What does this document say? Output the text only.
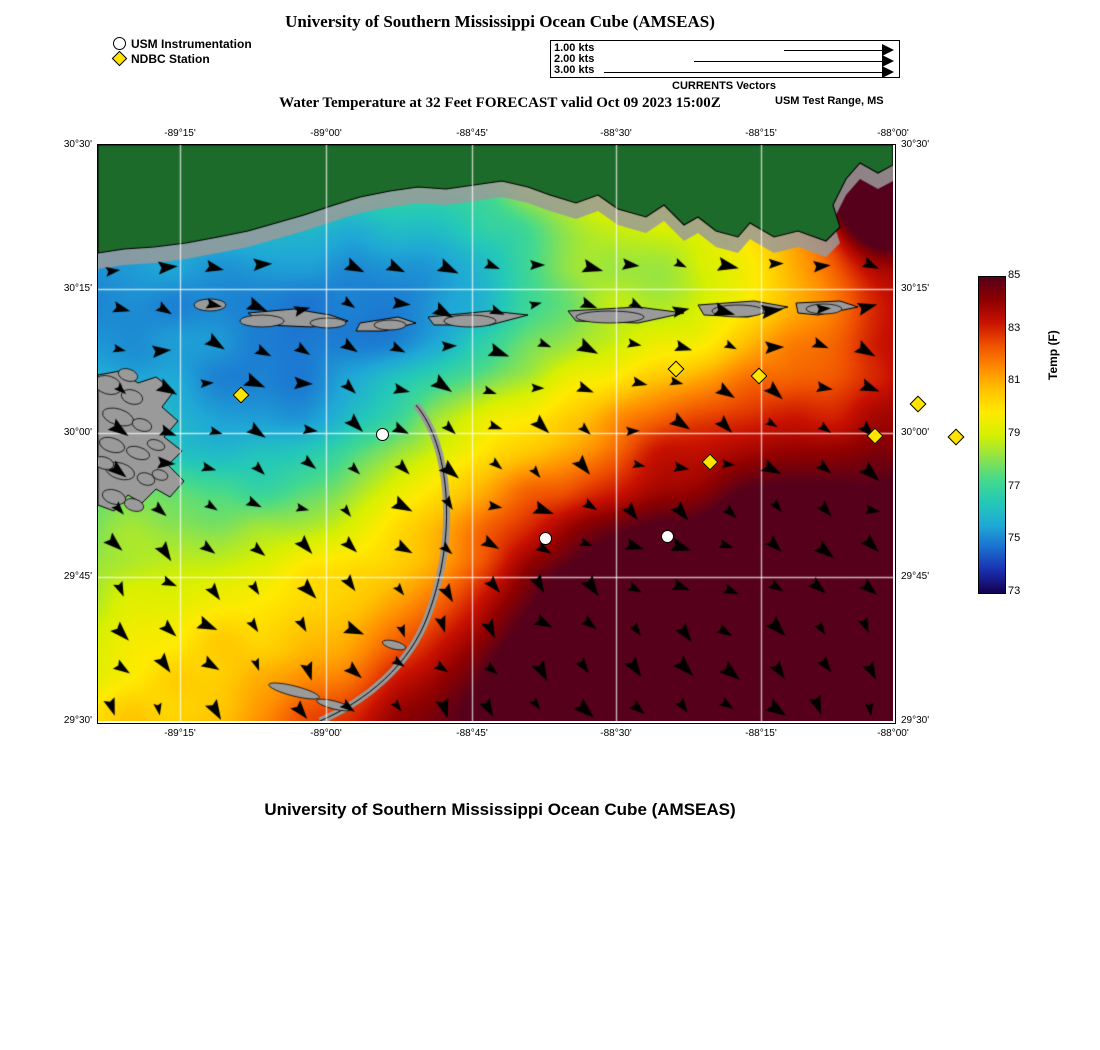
University of Southern Mississippi Ocean Cube (AMSEAS)
USM Instrumentation
NDBC Station
1.00 kts
2.00 kts
3.00 kts
CURRENTS Vectors
Water Temperature at 32 Feet FORECAST valid Oct 09 2023 15:00Z	USM Test Range, MS
-89°15'	-89°00'	-88°45'	-88°30'	-88°15'	-88°00'
-89°15'	-89°00'	-88°45'	-88°30'	-88°15'	-88°00'
30°30'
30°15'
30°00'
29°45'
29°30'
30°30'
30°15'
30°00'
29°45'
29°30'
85
83
81
79
77
75
73
Temp (F)
University of Southern Mississippi Ocean Cube (AMSEAS)
